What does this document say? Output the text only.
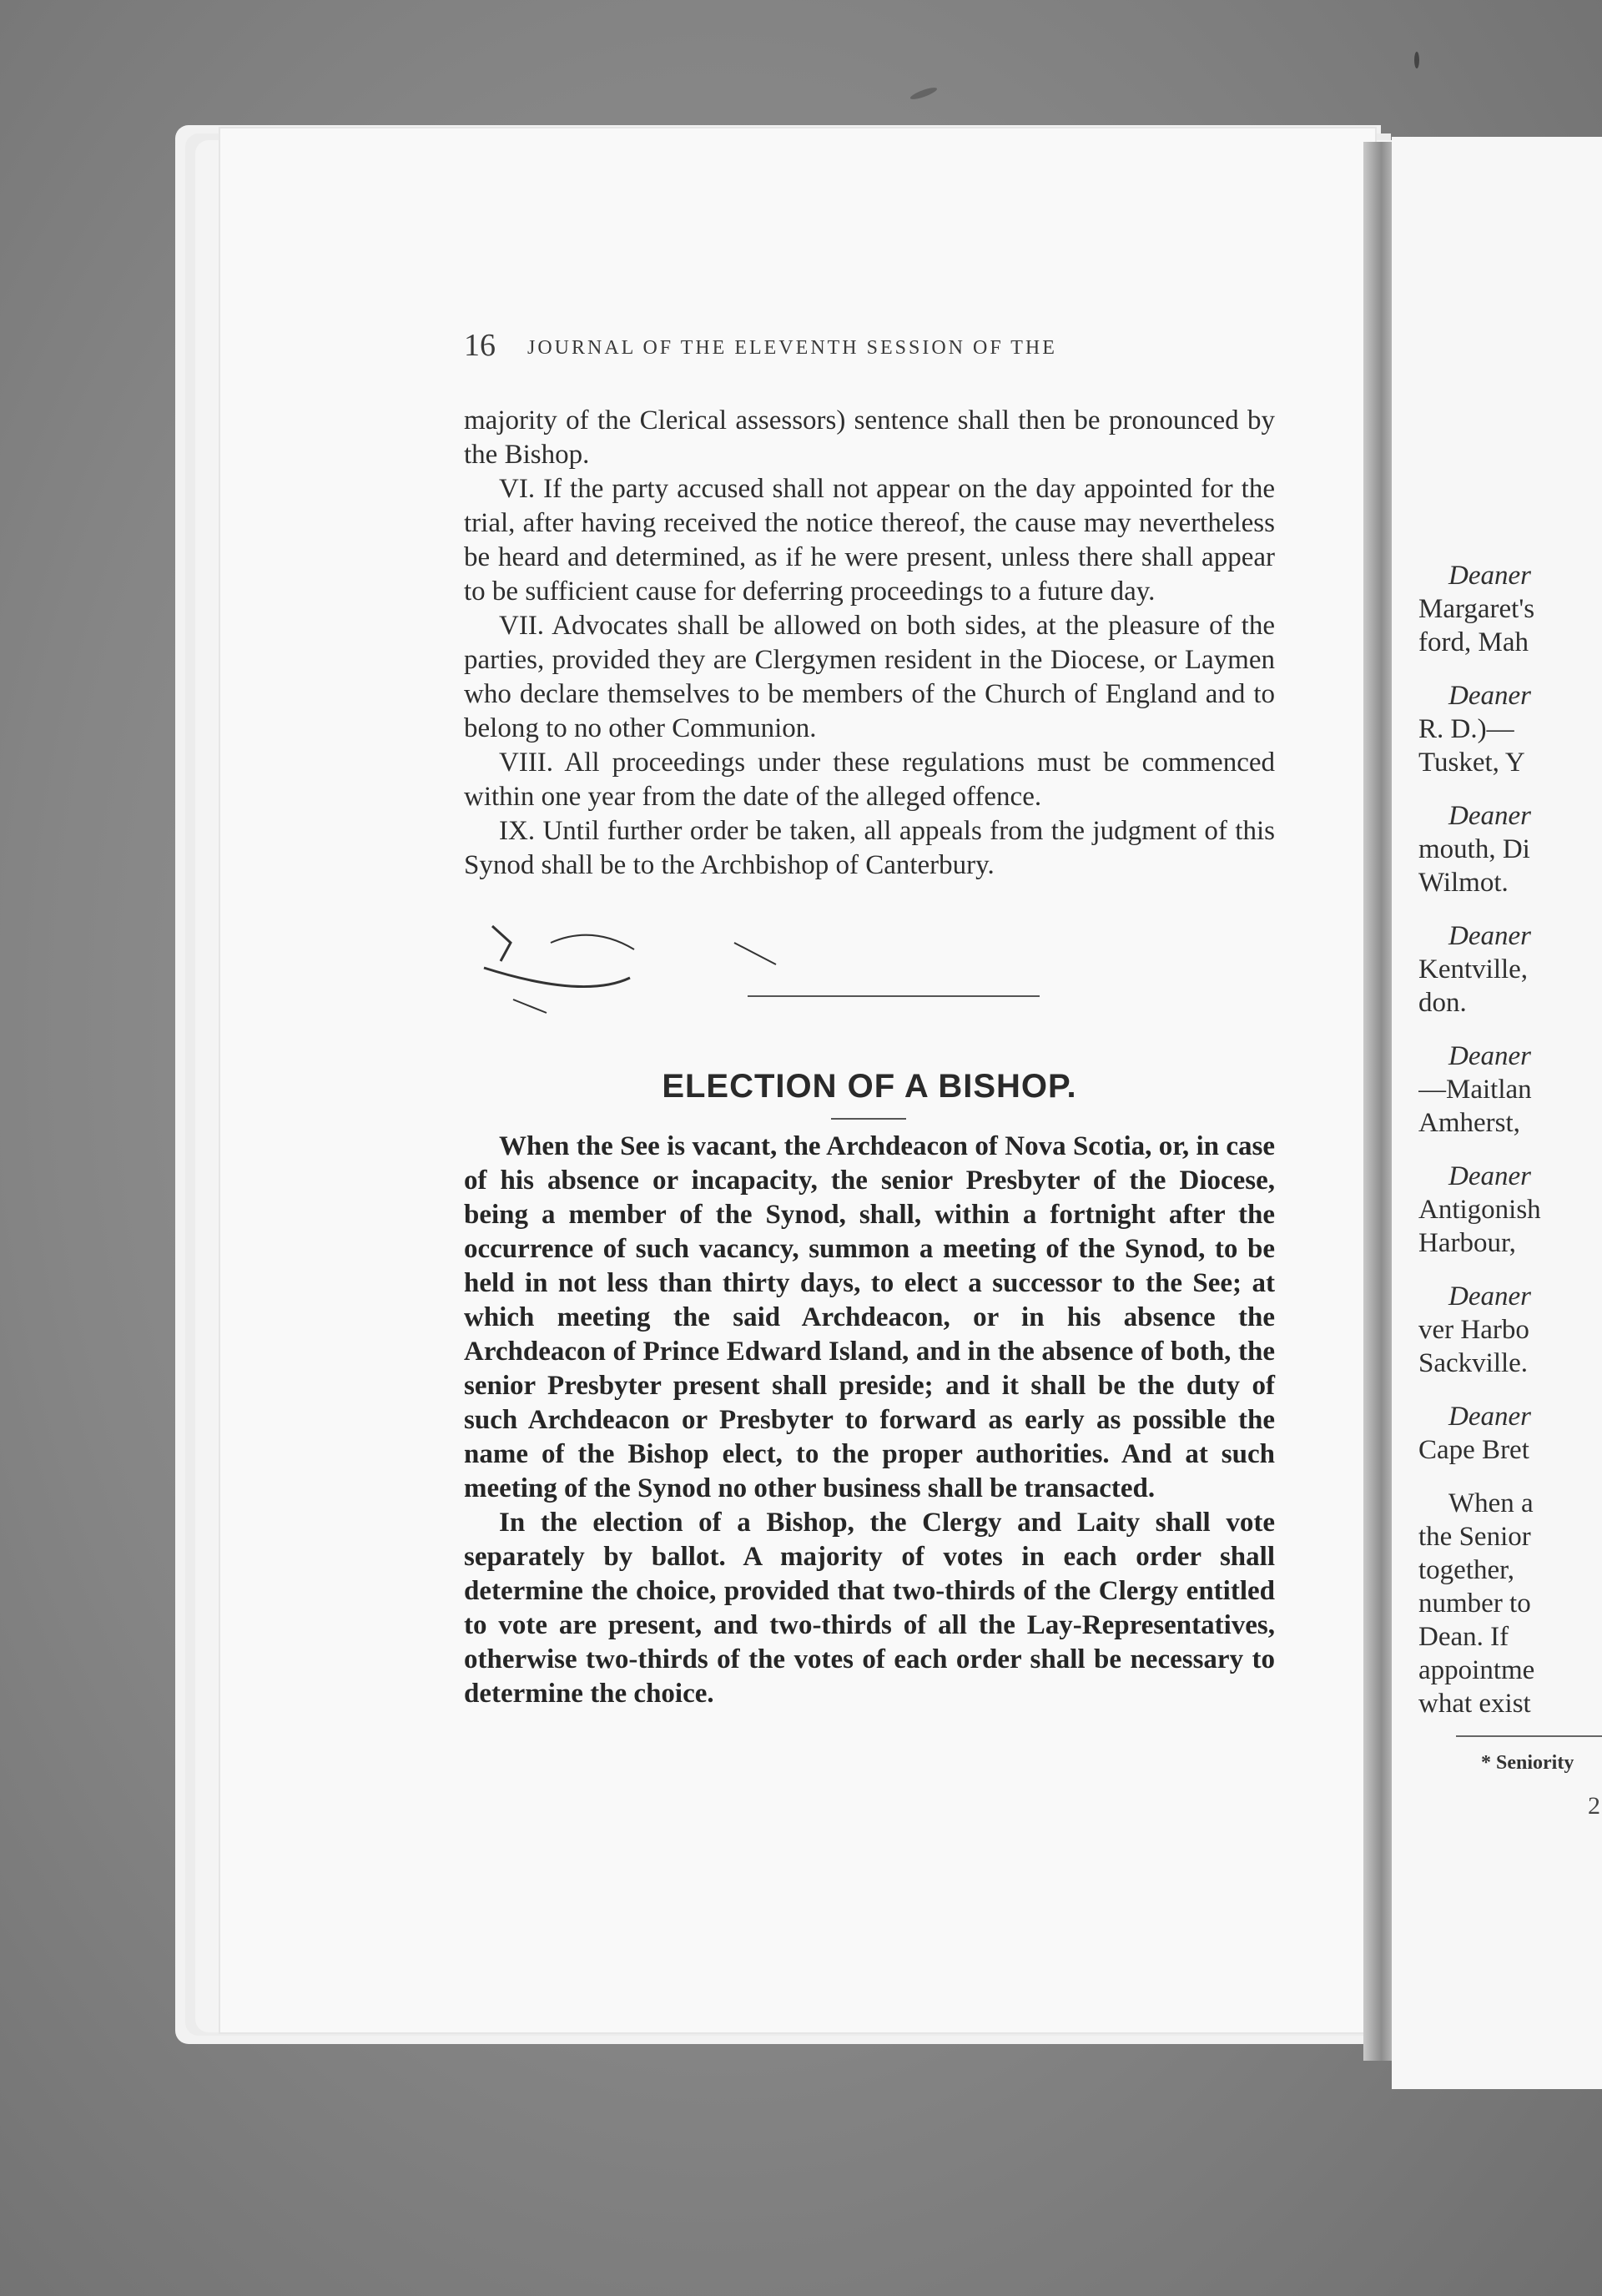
16 JOURNAL OF THE ELEVENTH SESSION OF THE

majority of the Clerical assessors) sentence shall then be pronounced by the Bishop.

VI. If the party accused shall not appear on the day appointed for the trial, after having received the notice thereof, the cause may nevertheless be heard and determined, as if he were present, unless there shall appear to be sufficient cause for deferring proceedings to a future day.

VII. Advocates shall be allowed on both sides, at the pleasure of the parties, provided they are Clergymen resident in the Diocese, or Laymen who declare themselves to be members of the Church of England and to belong to no other Communion.

VIII. All proceedings under these regulations must be commenced within one year from the date of the alleged offence.

IX. Until further order be taken, all appeals from the judgment of this Synod shall be to the Archbishop of Canterbury.

ELECTION OF A BISHOP.

When the See is vacant, the Archdeacon of Nova Scotia, or, in case of his absence or incapacity, the senior Presbyter of the Diocese, being a member of the Synod, shall, within a fortnight after the occurrence of such vacancy, summon a meeting of the Synod, to be held in not less than thirty days, to elect a successor to the See; at which meeting the said Archdeacon, or in his absence the Archdeacon of Prince Edward Island, and in the absence of both, the senior Presbyter present shall preside; and it shall be the duty of such Archdeacon or Presbyter to forward as early as possible the name of the Bishop elect, to the proper authorities. And at such meeting of the Synod no other business shall be transacted.

In the election of a Bishop, the Clergy and Laity shall vote separately by ballot. A majority of votes in each order shall determine the choice, provided that two-thirds of the Clergy entitled to vote are present, and two-thirds of all the Lay-Representatives, otherwise two-thirds of the votes of each order shall be necessary to determine the choice.

Deaner
Margaret's
ford, Mah
Deaner
R. D.)—
Tusket, Y
Deaner
mouth, Di
Wilmot.
Deaner
Kentville,
don.
Deaner
—Maitlan
Amherst,
Deaner
Antigonish
Harbour,
Deaner
ver Harbo
Sackville.
Deaner
Cape Bret
When a
the Senior
together,
number to
Dean. If
appointme
what exist
* Seniority
2
